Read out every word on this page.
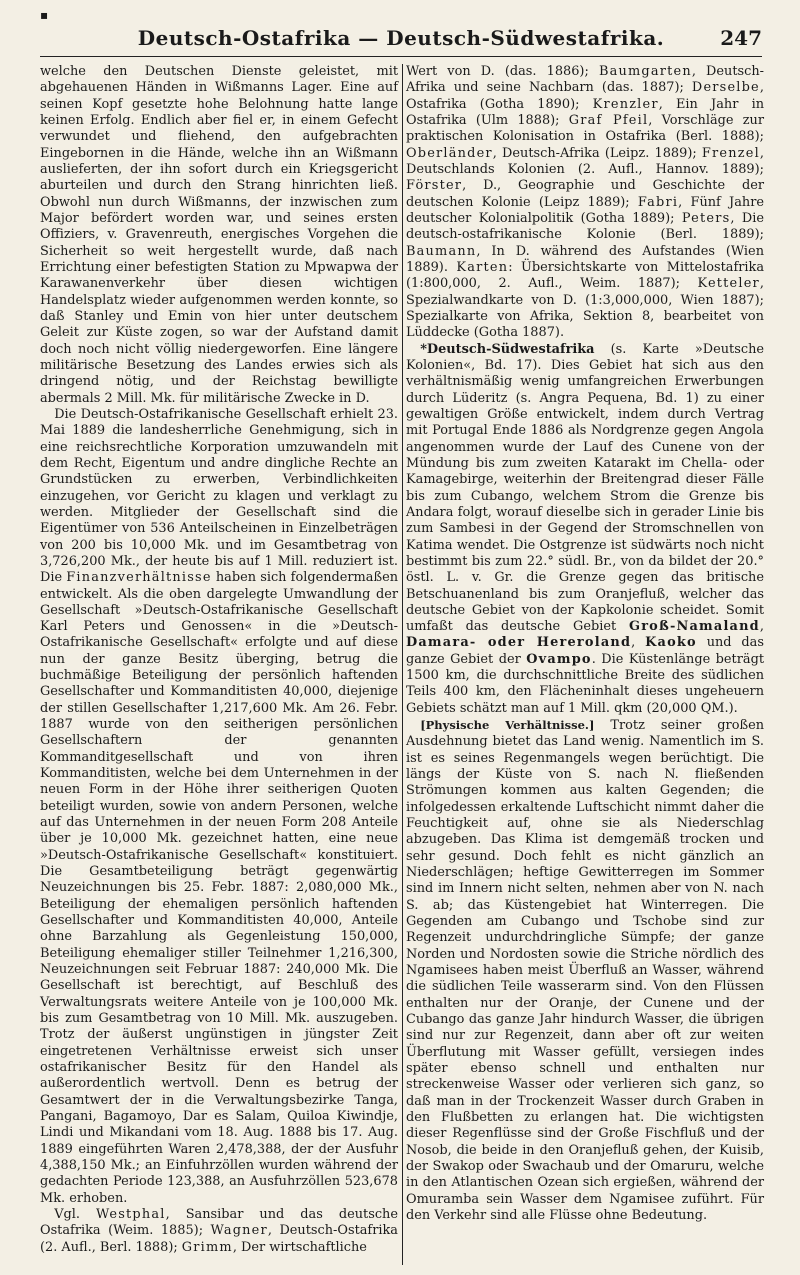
▪
Deutsch-Ostafrika — Deutsch-Südwestafrika.	247

welche den Deutschen Dienste geleistet, mit abgehauenen Händen in Wißmanns Lager. Eine auf seinen Kopf gesetzte hohe Belohnung hatte lange keinen Erfolg. Endlich aber fiel er, in einem Gefecht verwundet und fliehend, den aufgebrachten Eingebornen in die Hände, welche ihn an Wißmann auslieferten, der ihn sofort durch ein Kriegsgericht aburteilen und durch den Strang hinrichten ließ. Obwohl nun durch Wißmanns, der inzwischen zum Major befördert worden war, und seines ersten Offiziers, v. Gravenreuth, energisches Vorgehen die Sicherheit so weit hergestellt wurde, daß nach Errichtung einer befestigten Station zu Mpwapwa der Karawanenverkehr über diesen wichtigen Handelsplatz wieder aufgenommen werden konnte, so daß Stanley und Emin von hier unter deutschem Geleit zur Küste zogen, so war der Aufstand damit doch noch nicht völlig niedergeworfen. Eine längere militärische Besetzung des Landes erwies sich als dringend nötig, und der Reichstag bewilligte abermals 2 Mill. Mk. für militärische Zwecke in D.

Die Deutsch-Ostafrikanische Gesellschaft erhielt 23. Mai 1889 die landesherrliche Genehmigung, sich in eine reichsrechtliche Korporation umzuwandeln mit dem Recht, Eigentum und andre dingliche Rechte an Grundstücken zu erwerben, Verbindlichkeiten einzugehen, vor Gericht zu klagen und verklagt zu werden. Mitglieder der Gesellschaft sind die Eigentümer von 536 Anteilscheinen in Einzelbeträgen von 200 bis 10,000 Mk. und im Gesamtbetrag von 3,726,200 Mk., der heute bis auf 1 Mill. reduziert ist. Die Finanzverhältnisse haben sich folgendermaßen entwickelt. Als die oben dargelegte Umwandlung der Gesellschaft »Deutsch-Ostafrikanische Gesellschaft Karl Peters und Genossen« in die »Deutsch-Ostafrikanische Gesellschaft« erfolgte und auf diese nun der ganze Besitz überging, betrug die buchmäßige Beteiligung der persönlich haftenden Gesellschafter und Kommanditisten 40,000, diejenige der stillen Gesellschafter 1,217,600 Mk. Am 26. Febr. 1887 wurde von den seitherigen persönlichen Gesellschaftern der genannten Kommanditgesellschaft und von ihren Kommanditisten, welche bei dem Unternehmen in der neuen Form in der Höhe ihrer seitherigen Quoten beteiligt wurden, sowie von andern Personen, welche auf das Unternehmen in der neuen Form 208 Anteile über je 10,000 Mk. gezeichnet hatten, eine neue »Deutsch-Ostafrikanische Gesellschaft« konstituiert. Die Gesamtbeteiligung beträgt gegenwärtig Neuzeichnungen bis 25. Febr. 1887: 2,080,000 Mk., Beteiligung der ehemaligen persönlich haftenden Gesellschafter und Kommanditisten 40,000, Anteile ohne Barzahlung als Gegenleistung 150,000, Beteiligung ehemaliger stiller Teilnehmer 1,216,300, Neuzeichnungen seit Februar 1887: 240,000 Mk. Die Gesellschaft ist berechtigt, auf Beschluß des Verwaltungsrats weitere Anteile von je 100,000 Mk. bis zum Gesamtbetrag von 10 Mill. Mk. auszugeben. Trotz der äußerst ungünstigen in jüngster Zeit eingetretenen Verhältnisse erweist sich unser ostafrikanischer Besitz für den Handel als außerordentlich wertvoll. Denn es betrug der Gesamtwert der in die Verwaltungsbezirke Tanga, Pangani, Bagamoyo, Dar es Salam, Quiloa Kiwindje, Lindi und Mikandani vom 18. Aug. 1888 bis 17. Aug. 1889 eingeführten Waren 2,478,388, der der Ausfuhr 4,388,150 Mk.; an Einfuhrzöllen wurden während der gedachten Periode 123,388, an Ausfuhrzöllen 523,678 Mk. erhoben.

Vgl. Westphal, Sansibar und das deutsche Ostafrika (Weim. 1885); Wagner, Deutsch-Ostafrika (2. Aufl., Berl. 1888); Grimm, Der wirtschaftliche

Wert von D. (das. 1886); Baumgarten, Deutsch-Afrika und seine Nachbarn (das. 1887); Derselbe, Ostafrika (Gotha 1890); Krenzler, Ein Jahr in Ostafrika (Ulm 1888); Graf Pfeil, Vorschläge zur praktischen Kolonisation in Ostafrika (Berl. 1888); Oberländer, Deutsch-Afrika (Leipz. 1889); Frenzel, Deutschlands Kolonien (2. Aufl., Hannov. 1889); Förster, D., Geographie und Geschichte der deutschen Kolonie (Leipz 1889); Fabri, Fünf Jahre deutscher Kolonialpolitik (Gotha 1889); Peters, Die deutsch-ostafrikanische Kolonie (Berl. 1889); Baumann, In D. während des Aufstandes (Wien 1889). Karten: Übersichtskarte von Mittelostafrika (1:800,000, 2. Aufl., Weim. 1887); Ketteler, Spezialwandkarte von D. (1:3,000,000, Wien 1887); Spezialkarte von Afrika, Sektion 8, bearbeitet von Lüddecke (Gotha 1887).

*Deutsch-Südwestafrika (s. Karte »Deutsche Kolonien«, Bd. 17). Dies Gebiet hat sich aus den verhältnismäßig wenig umfangreichen Erwerbungen durch Lüderitz (s. Angra Pequena, Bd. 1) zu einer gewaltigen Größe entwickelt, indem durch Vertrag mit Portugal Ende 1886 als Nordgrenze gegen Angola angenommen wurde der Lauf des Cunene von der Mündung bis zum zweiten Katarakt im Chella- oder Kamagebirge, weiterhin der Breitengrad dieser Fälle bis zum Cubango, welchem Strom die Grenze bis Andara folgt, worauf dieselbe sich in gerader Linie bis zum Sambesi in der Gegend der Stromschnellen von Katima wendet. Die Ostgrenze ist südwärts noch nicht bestimmt bis zum 22.° südl. Br., von da bildet der 20.° östl. L. v. Gr. die Grenze gegen das britische Betschuanenland bis zum Oranjefluß, welcher das deutsche Gebiet von der Kapkolonie scheidet. Somit umfaßt das deutsche Gebiet Groß-Namaland, Damara- oder Hereroland, Kaoko und das ganze Gebiet der Ovampo. Die Küstenlänge beträgt 1500 km, die durchschnittliche Breite des südlichen Teils 400 km, den Flächeninhalt dieses ungeheuern Gebiets schätzt man auf 1 Mill. qkm (20,000 QM.).

[Physische Verhältnisse.] Trotz seiner großen Ausdehnung bietet das Land wenig. Namentlich im S. ist es seines Regenmangels wegen berüchtigt. Die längs der Küste von S. nach N. fließenden Strömungen kommen aus kalten Gegenden; die infolgedessen erkaltende Luftschicht nimmt daher die Feuchtigkeit auf, ohne sie als Niederschlag abzugeben. Das Klima ist demgemäß trocken und sehr gesund. Doch fehlt es nicht gänzlich an Niederschlägen; heftige Gewitterregen im Sommer sind im Innern nicht selten, nehmen aber von N. nach S. ab; das Küstengebiet hat Winterregen. Die Gegenden am Cubango und Tschobe sind zur Regenzeit undurchdringliche Sümpfe; der ganze Norden und Nordosten sowie die Striche nördlich des Ngamisees haben meist Überfluß an Wasser, während die südlichen Teile wasserarm sind. Von den Flüssen enthalten nur der Oranje, der Cunene und der Cubango das ganze Jahr hindurch Wasser, die übrigen sind nur zur Regenzeit, dann aber oft zur weiten Überflutung mit Wasser gefüllt, versiegen indes später ebenso schnell und enthalten nur streckenweise Wasser oder verlieren sich ganz, so daß man in der Trockenzeit Wasser durch Graben in den Flußbetten zu erlangen hat. Die wichtigsten dieser Regenflüsse sind der Große Fischfluß und der Nosob, die beide in den Oranjefluß gehen, der Kuisib, der Swakop oder Swachaub und der Omaruru, welche in den Atlantischen Ozean sich ergießen, während der Omuramba sein Wasser dem Ngamisee zuführt. Für den Verkehr sind alle Flüsse ohne Bedeutung.
